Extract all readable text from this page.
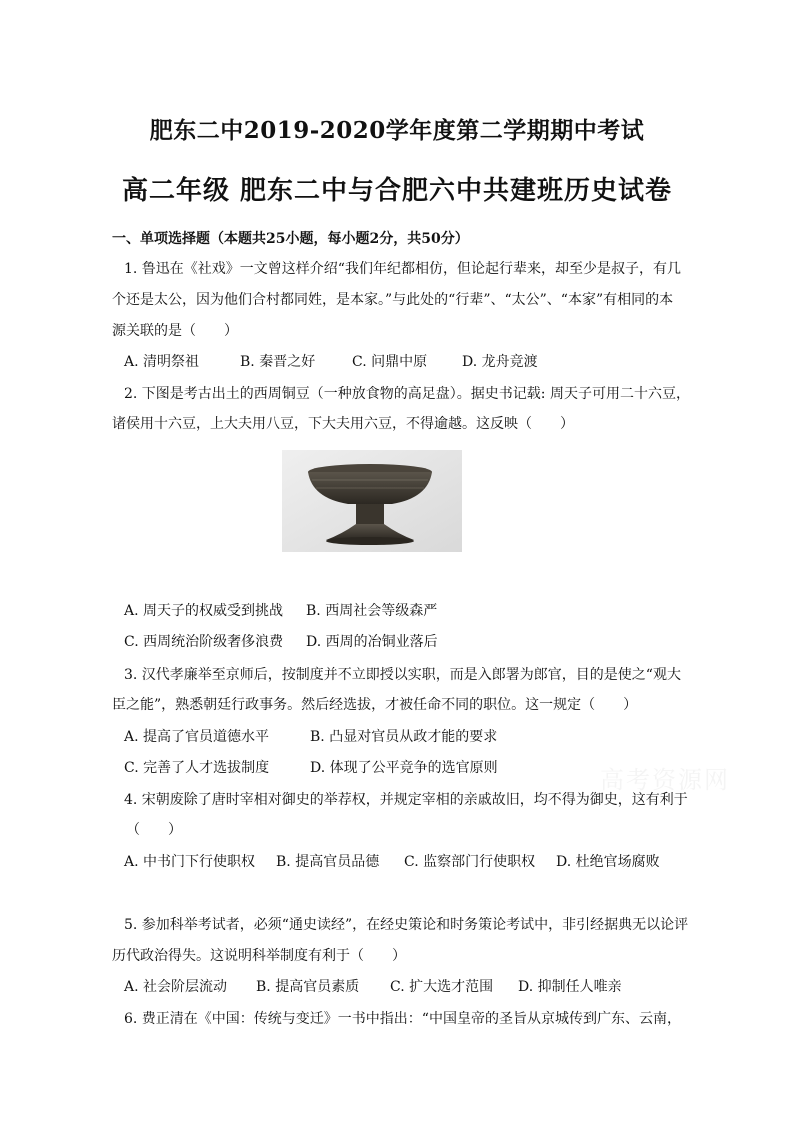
肥东二中2019-2020学年度第二学期期中考试
高二年级 肥东二中与合肥六中共建班历史试卷
一、单项选择题（本题共25小题，每小题2分，共50分）
1. 鲁迅在《社戏》一文曾这样介绍“我们年纪都相仿，但论起行辈来，却至少是叔子，有几
个还是太公，因为他们合村都同姓，是本家。”与此处的“行辈”、“太公”、“本家”有相同的本
源关联的是（　　）
A. 清明祭祖	B. 秦晋之好	C. 问鼎中原 D. 龙舟竞渡
2. 下图是考古出土的西周铜豆（一种放食物的高足盘）。据史书记载: 周天子可用二十六豆，
诸侯用十六豆，上大夫用八豆，下大夫用六豆，不得逾越。这反映（　　）
A. 周天子的权威受到挑战 B. 西周社会等级森严
C. 西周统治阶级奢侈浪费 D. 西周的冶铜业落后
3. 汉代孝廉举至京师后，按制度并不立即授以实职，而是入郎署为郎官，目的是使之“观大
臣之能”，熟悉朝廷行政事务。然后经选拔，才被任命不同的职位。这一规定（　　）
A. 提高了官员道德水平	B. 凸显对官员从政才能的要求
C. 完善了人才选拔制度	D. 体现了公平竞争的选官原则
4. 宋朝废除了唐时宰相对御史的举荐权，并规定宰相的亲戚故旧，均不得为御史，这有利于
（　　）
A. 中书门下行使职权 B. 提高官员品德 C. 监察部门行使职权 D. 杜绝官场腐败
5. 参加科举考试者，必须“通史读经”，在经史策论和时务策论考试中，非引经据典无以论评
历代政治得失。这说明科举制度有利于（　　）
A. 社会阶层流动 B. 提高官员素质 C. 扩大选才范围 D. 抑制任人唯亲
6. 费正清在《中国：传统与变迁》一书中指出：“中国皇帝的圣旨从京城传到广东、云南，
高考资源网
